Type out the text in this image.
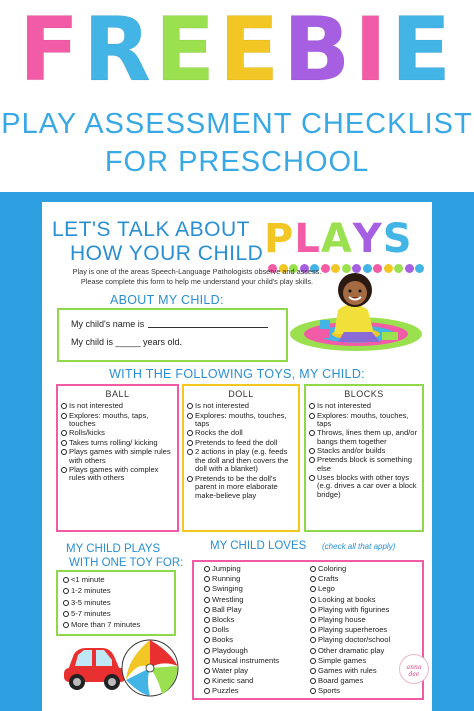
FREEBIE
PLAY ASSESSMENT CHECKLIST
FOR PRESCHOOL
LET'S TALK ABOUT
HOW YOUR CHILD PLAYS
Play is one of the areas Speech-Language Pathologists observe and assess.
Please complete this form to help me understand your child's play skills.
ABOUT MY CHILD:
My child's name is
My child is _____ years old.
WITH THE FOLLOWING TOYS, MY CHILD:
BALL	DOLL	BLOCKS
Is not interested
Explores: mouths, taps, touches
Rolls/kicks
Takes turns rolling/ kicking
Plays games with simple rules with others
Plays games with complex rules with others
Is not interested
Explores: mouths, touches, taps
Rocks the doll
Pretends to feed the doll
2 actions in play (e.g. feeds the doll and then covers the doll with a blanket)
Pretends to be the doll's parent in more elaborate make-believe play
Is not interested
Explores: mouths, touches, taps
Throws, lines them up, and/or bangs them together
Stacks and/or builds
Pretends block is something else
Uses blocks with other toys (e.g. drives a car over a block bridge)
MY CHILD PLAYS
WITH ONE TOY FOR:
<1 minute
1-2 minutes
3-5 minutes
5-7 minutes
More than 7 minutes
MY CHILD LOVES (check all that apply)
Jumping
Running
Swinging
Wrestling
Ball Play
Blocks
Dolls
Books
Playdough
Musical instruments
Water play
Kinetic sand
Puzzles
Coloring
Crafts
Lego
Looking at books
Playing with figurines
Playing house
Playing superheroes
Playing doctor/school
Other dramatic play
Simple games
Games with rules
Board games
Sports
anna dee
